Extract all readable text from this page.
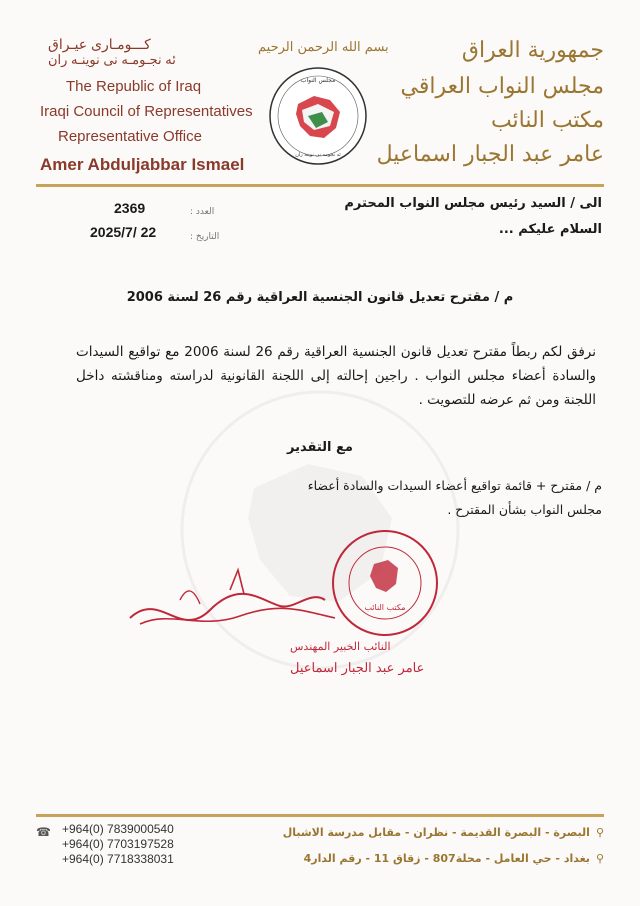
كـــومـارى عيـراق
ئه نجـومـه نى نوينـه ران
The Republic of Iraq
Iraqi Council of Representatives
Representative Office
Amer Abduljabbar Ismael
بسم الله الرحمن الرحيم
مجلس النواب
ئه نجومه نى نوينه ران
جمهورية العراق
مجلس النواب العراقي
مكتب النائب
عامر عبد الجبار اسماعيل
الى / السيد رئيس مجلس النواب المحترم
السلام عليكم ...
العدد :
2369
التاريخ :
2025/7/ 22
م / مقترح تعديل قانون الجنسية العراقية رقم 26 لسنة 2006
نرفق لكم ربطاً مقترح تعديل قانون الجنسية العراقية رقم 26 لسنة 2006 مع تواقيع السيدات والسادة أعضاء مجلس النواب . راجين إحالته إلى اللجنة القانونية لدراسته ومناقشته داخل اللجنة ومن ثم عرضه للتصويت .
مع التقدير
م / مقترح + قائمة تواقيع أعضاء السيدات والسادة أعضاء
مجلس النواب بشأن المقترح .
النائب الخبير المهندس
عامر عبد الجبار اسماعيل
مكتب النائب
⚲البصرة - البصرة القديمة - نظران - مقابل مدرسة الاشبال
⚲بغداد - حي العامل - محلة807 - زقاق 11 - رقم الدار4
☎ +964(0) 7839000540
+964(0) 7703197528
+964(0) 7718338031
